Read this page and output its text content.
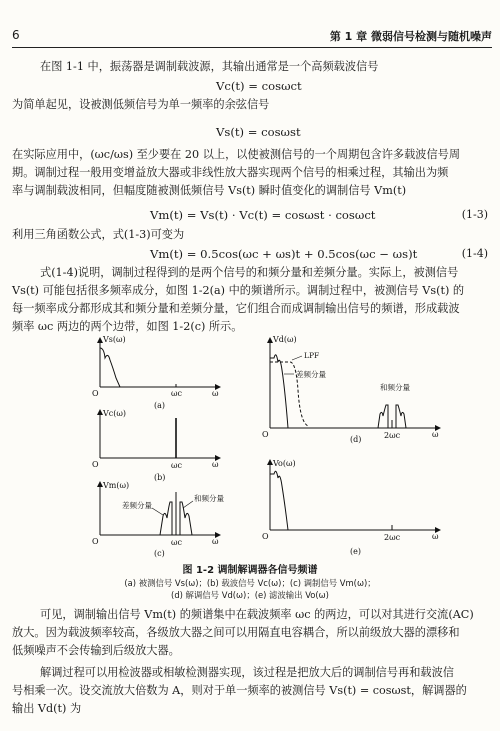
6	第 1 章 微弱信号检测与随机噪声
在图 1-1 中，振荡器是调制载波源，其输出通常是一个高频载波信号
Vc(t) = cosωct
为简单起见，设被测低频信号为单一频率的余弦信号
Vs(t) = cosωst
在实际应用中，(ωc/ωs) 至少要在 20 以上，以使被测信号的一个周期包含许多载波信号周
期。调制过程一般用变增益放大器或非线性放大器实现两个信号的相乘过程，其输出为频
率与调制载波相同，但幅度随被测低频信号 Vs(t) 瞬时值变化的调制信号 Vm(t)
Vm(t) = Vs(t) · Vc(t) = cosωst · cosωct	(1-3)
利用三角函数公式，式(1-3)可变为
Vm(t) = 0.5cos(ωc + ωs)t + 0.5cos(ωc − ωs)t	(1-4)
式(1-4)说明，调制过程得到的是两个信号的和频分量和差频分量。实际上，被测信号
Vs(t) 可能包括很多频率成分，如图 1-2(a) 中的频谱所示。调制过程中，被测信号 Vs(t) 的
每一频率成分都形成其和频分量和差频分量，它们组合而成调制输出信号的频谱，形成载波
频率 ωc 两边的两个边带，如图 1-2(c) 所示。
Vs(ω)
O	ωc	ω
(a)
Vc(ω)
O	ωc	ω
(b)
Vm(ω)
差频分量
和频分量
O	ωc	ω
(c)
Vd(ω)
LPF
差频分量
和频分量
O	2ωc	ω
(d)
Vo(ω)
O	2ωc	ω
(e)
图 1-2 调制解调器各信号频谱
(a) 被测信号 Vs(ω)；(b) 载波信号 Vc(ω)；(c) 调制信号 Vm(ω)；
(d) 解调信号 Vd(ω)；(e) 滤波输出 Vo(ω)
可见，调制输出信号 Vm(t) 的频谱集中在载波频率 ωc 的两边，可以对其进行交流(AC)
放大。因为载波频率较高，各级放大器之间可以用隔直电容耦合，所以前级放大器的漂移和
低频噪声不会传输到后级放大器。
解调过程可以用检波器或相敏检测器实现，该过程是把放大后的调制信号再和载波信
号相乘一次。设交流放大倍数为 A，则对于单一频率的被测信号 Vs(t) = cosωst，解调器的
输出 Vd(t) 为
